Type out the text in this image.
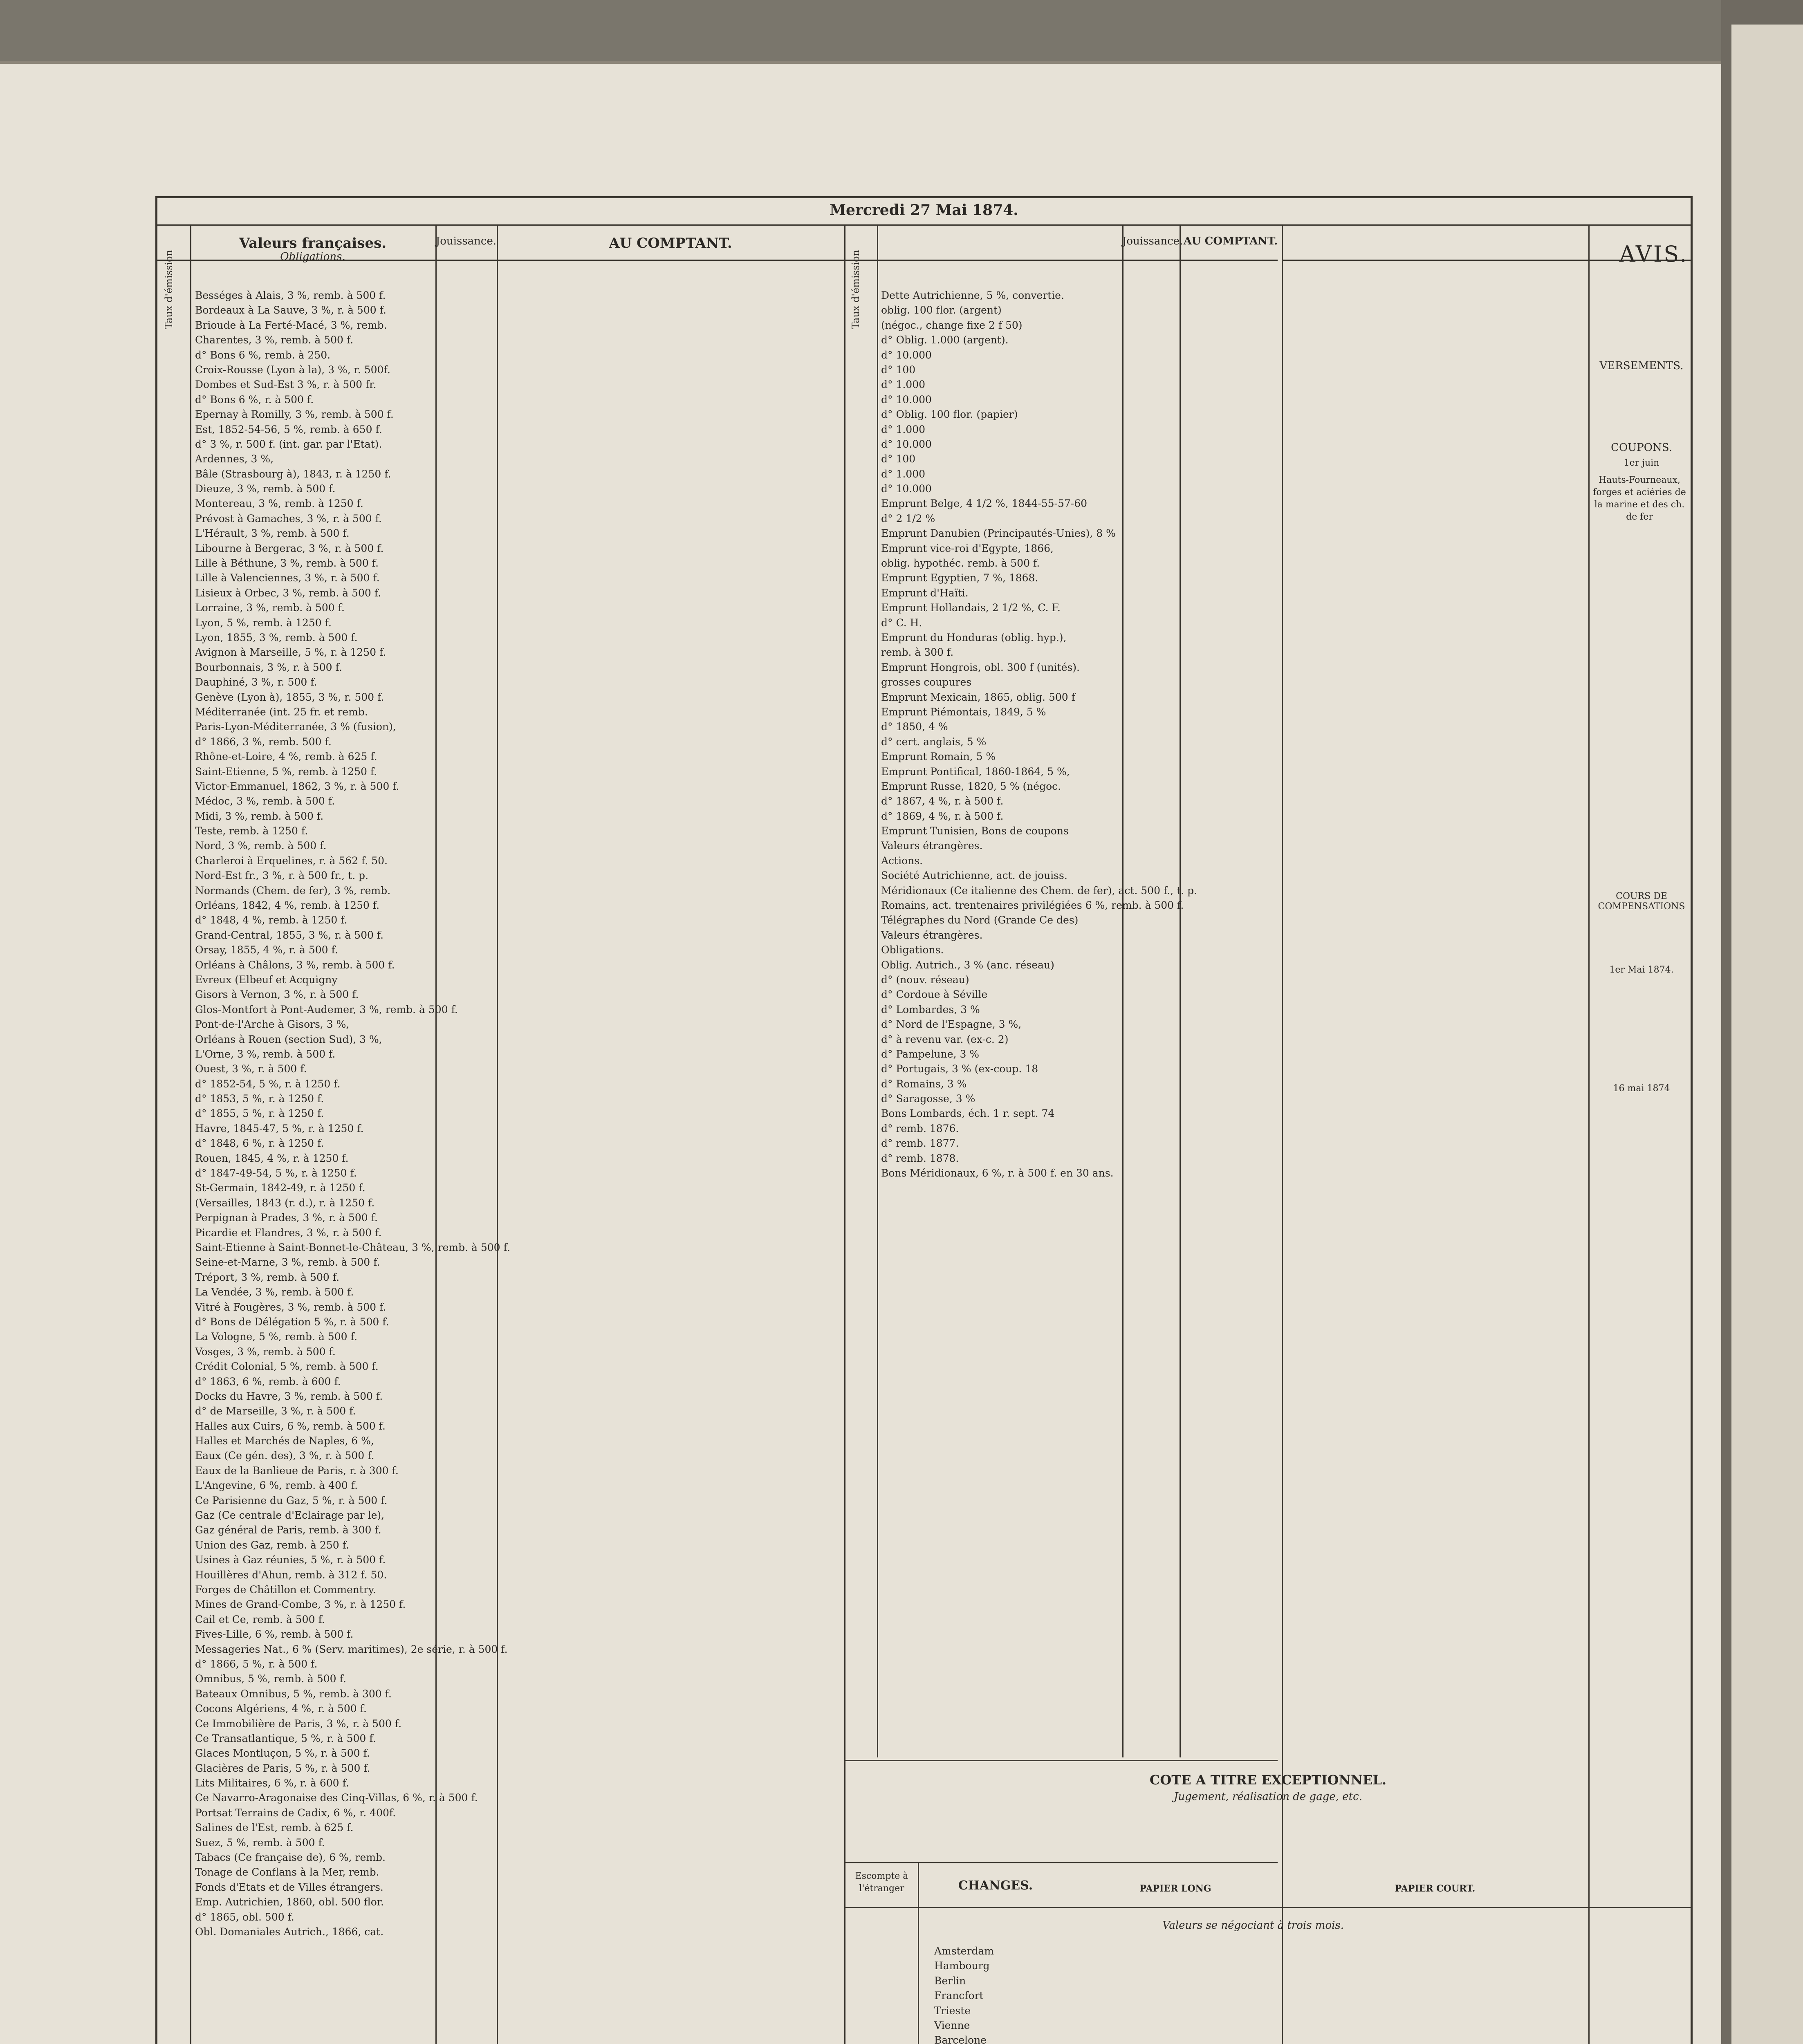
Mercredi 27 Mai 1874.
Taux d'émission
Valeurs françaises.
Obligations.
Jouissance.	AU COMPTANT.
Bességes à Alais, 3 %, remb. à 500 f.
Bordeaux à La Sauve, 3 %, r. à 500 f.
Brioude à La Ferté-Macé, 3 %, remb.
Charentes, 3 %, remb. à 500 f.
d° Bons 6 %, remb. à 250.
Croix-Rousse (Lyon à la), 3 %, r. 500f.
Dombes et Sud-Est 3 %, r. à 500 fr.
d° Bons 6 %, r. à 500 f.
Epernay à Romilly, 3 %, remb. à 500 f.
Est, 1852-54-56, 5 %, remb. à 650 f.
d° 3 %, r. 500 f. (int. gar. par l'Etat).
Ardennes, 3 %,
Bâle (Strasbourg à), 1843, r. à 1250 f.
Dieuze, 3 %, remb. à 500 f.
Montereau, 3 %, remb. à 1250 f.
Prévost à Gamaches, 3 %, r. à 500 f.
L'Hérault, 3 %, remb. à 500 f.
Libourne à Bergerac, 3 %, r. à 500 f.
Lille à Béthune, 3 %, remb. à 500 f.
Lille à Valenciennes, 3 %, r. à 500 f.
Lisieux à Orbec, 3 %, remb. à 500 f.
Lorraine, 3 %, remb. à 500 f.
Lyon, 5 %, remb. à 1250 f.
Lyon, 1855, 3 %, remb. à 500 f.
Avignon à Marseille, 5 %, r. à 1250 f.
Bourbonnais, 3 %, r. à 500 f.
Dauphiné, 3 %, r. 500 f.
Genève (Lyon à), 1855, 3 %, r. 500 f.
Méditerranée (int. 25 fr. et remb.
Paris-Lyon-Méditerranée, 3 % (fusion),
d° 1866, 3 %, remb. 500 f.
Rhône-et-Loire, 4 %, remb. à 625 f.
Saint-Etienne, 5 %, remb. à 1250 f.
Victor-Emmanuel, 1862, 3 %, r. à 500 f.
Médoc, 3 %, remb. à 500 f.
Midi, 3 %, remb. à 500 f.
Teste, remb. à 1250 f.
Nord, 3 %, remb. à 500 f.
Charleroi à Erquelines, r. à 562 f. 50.
Nord-Est fr., 3 %, r. à 500 fr., t. p.
Normands (Chem. de fer), 3 %, remb.
Orléans, 1842, 4 %, remb. à 1250 f.
d° 1848, 4 %, remb. à 1250 f.
Grand-Central, 1855, 3 %, r. à 500 f.
Orsay, 1855, 4 %, r. à 500 f.
Orléans à Châlons, 3 %, remb. à 500 f.
Evreux (Elbeuf et Acquigny
Gisors à Vernon, 3 %, r. à 500 f.
Glos-Montfort à Pont-Audemer, 3 %, remb. à 500 f.
Pont-de-l'Arche à Gisors, 3 %,
Orléans à Rouen (section Sud), 3 %,
L'Orne, 3 %, remb. à 500 f.
Ouest, 3 %, r. à 500 f.
d° 1852-54, 5 %, r. à 1250 f.
d° 1853, 5 %, r. à 1250 f.
d° 1855, 5 %, r. à 1250 f.
Havre, 1845-47, 5 %, r. à 1250 f.
d° 1848, 6 %, r. à 1250 f.
Rouen, 1845, 4 %, r. à 1250 f.
d° 1847-49-54, 5 %, r. à 1250 f.
St-Germain, 1842-49, r. à 1250 f.
(Versailles, 1843 (r. d.), r. à 1250 f.
Perpignan à Prades, 3 %, r. à 500 f.
Picardie et Flandres, 3 %, r. à 500 f.
Saint-Etienne à Saint-Bonnet-le-Château, 3 %, remb. à 500 f.
Seine-et-Marne, 3 %, remb. à 500 f.
Tréport, 3 %, remb. à 500 f.
La Vendée, 3 %, remb. à 500 f.
Vitré à Fougères, 3 %, remb. à 500 f.
d° Bons de Délégation 5 %, r. à 500 f.
La Vologne, 5 %, remb. à 500 f.
Vosges, 3 %, remb. à 500 f.
Crédit Colonial, 5 %, remb. à 500 f.
d° 1863, 6 %, remb. à 600 f.
Docks du Havre, 3 %, remb. à 500 f.
d° de Marseille, 3 %, r. à 500 f.
Halles aux Cuirs, 6 %, remb. à 500 f.
Halles et Marchés de Naples, 6 %,
Eaux (Ce gén. des), 3 %, r. à 500 f.
Eaux de la Banlieue de Paris, r. à 300 f.
L'Angevine, 6 %, remb. à 400 f.
Ce Parisienne du Gaz, 5 %, r. à 500 f.
Gaz (Ce centrale d'Eclairage par le),
Gaz général de Paris, remb. à 300 f.
Union des Gaz, remb. à 250 f.
Usines à Gaz réunies, 5 %, r. à 500 f.
Houillères d'Ahun, remb. à 312 f. 50.
Forges de Châtillon et Commentry.
Mines de Grand-Combe, 3 %, r. à 1250 f.
Cail et Ce, remb. à 500 f.
Fives-Lille, 6 %, remb. à 500 f.
Messageries Nat., 6 % (Serv. maritimes), 2e série, r. à 500 f.
d° 1866, 5 %, r. à 500 f.
Omnibus, 5 %, remb. à 500 f.
Bateaux Omnibus, 5 %, remb. à 300 f.
Cocons Algériens, 4 %, r. à 500 f.
Ce Immobilière de Paris, 3 %, r. à 500 f.
Ce Transatlantique, 5 %, r. à 500 f.
Glaces Montluçon, 5 %, r. à 500 f.
Glacières de Paris, 5 %, r. à 500 f.
Lits Militaires, 6 %, r. à 600 f.
Ce Navarro-Aragonaise des Cinq-Villas, 6 %, r. à 500 f.
Portsat Terrains de Cadix, 6 %, r. 400f.
Salines de l'Est, remb. à 625 f.
Suez, 5 %, remb. à 500 f.
Tabacs (Ce française de), 6 %, remb.
Tonage de Conflans à la Mer, remb.
Fonds d'Etats et de Villes étrangers.
Emp. Autrichien, 1860, obl. 500 flor.
d° 1865, obl. 500 f.
Obl. Domaniales Autrich., 1866, cat.
Taux d'émission
Jouissance. AU COMPTANT.
Dette Autrichienne, 5 %, convertie.
oblig. 100 flor. (argent)
(négoc., change fixe 2 f 50)
d° Oblig. 1.000 (argent).
d° 10.000
d° 100
d° 1.000
d° 10.000
d° Oblig. 100 flor. (papier)
d° 1.000
d° 10.000
d° 100
d° 1.000
d° 10.000
Emprunt Belge, 4 1/2 %, 1844-55-57-60
d° 2 1/2 %
Emprunt Danubien (Principautés-Unies), 8 %
Emprunt vice-roi d'Egypte, 1866,
oblig. hypothéc. remb. à 500 f.
Emprunt Egyptien, 7 %, 1868.
Emprunt d'Haïti.
Emprunt Hollandais, 2 1/2 %, C. F.
d° C. H.
Emprunt du Honduras (oblig. hyp.),
remb. à 300 f.
Emprunt Hongrois, obl. 300 f (unités).
grosses coupures
Emprunt Mexicain, 1865, oblig. 500 f
Emprunt Piémontais, 1849, 5 %
d° 1850, 4 %
d° cert. anglais, 5 %
Emprunt Romain, 5 %
Emprunt Pontifical, 1860-1864, 5 %,
Emprunt Russe, 1820, 5 % (négoc.
d° 1867, 4 %, r. à 500 f.
d° 1869, 4 %, r. à 500 f.
Emprunt Tunisien, Bons de coupons
Valeurs étrangères.
Actions.
Société Autrichienne, act. de jouiss.
Méridionaux (Ce italienne des Chem. de fer), act. 500 f., t. p.
Romains, act. trentenaires privilégiées 6 %, remb. à 500 f.
Télégraphes du Nord (Grande Ce des)
Valeurs étrangères.
Obligations.
Oblig. Autrich., 3 % (anc. réseau)
d° (nouv. réseau)
d° Cordoue à Séville
d° Lombardes, 3 %
d° Nord de l'Espagne, 3 %,
d° à revenu var. (ex-c. 2)
d° Pampelune, 3 %
d° Portugais, 3 % (ex-coup. 18
d° Romains, 3 %
d° Saragosse, 3 %
Bons Lombards, éch. 1 r. sept. 74
d° remb. 1876.
d° remb. 1877.
d° remb. 1878.
Bons Méridionaux, 6 %, r. à 500 f. en 30 ans.
COTE A TITRE EXCEPTIONNEL.
Jugement, réalisation de gage, etc.
Escompte à l'étranger	CHANGES.	PAPIER LONG	PAPIER COURT.
Valeurs se négociant à trois mois.
Amsterdam
Hambourg
Berlin
Francfort
Trieste
Vienne
Barcelone
AVIS.
VERSEMENTS.
COUPONS.
1er juin
Hauts-Fourneaux, forges et aciéries de la marine et des ch. de fer
COURS DE COMPENSATIONS
1er Mai 1874.
16 mai 1874
